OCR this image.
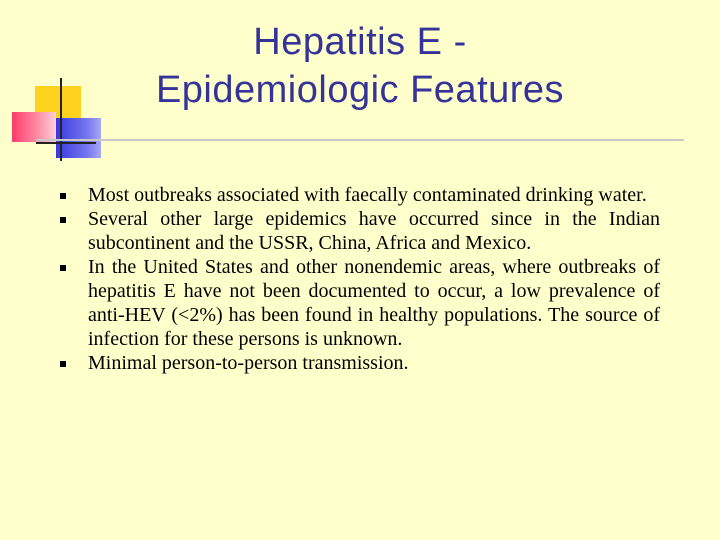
Hepatitis E -
Epidemiologic Features
Most outbreaks associated with faecally contaminated drinking water.
Several other large epidemics have occurred since in the Indian subcontinent and the USSR, China, Africa and Mexico.
In the United States and other nonendemic areas, where outbreaks of hepatitis E have not been documented to occur, a low prevalence of anti-HEV (<2%) has been found in healthy populations. The source of infection for these persons is unknown.
Minimal person-to-person transmission.
